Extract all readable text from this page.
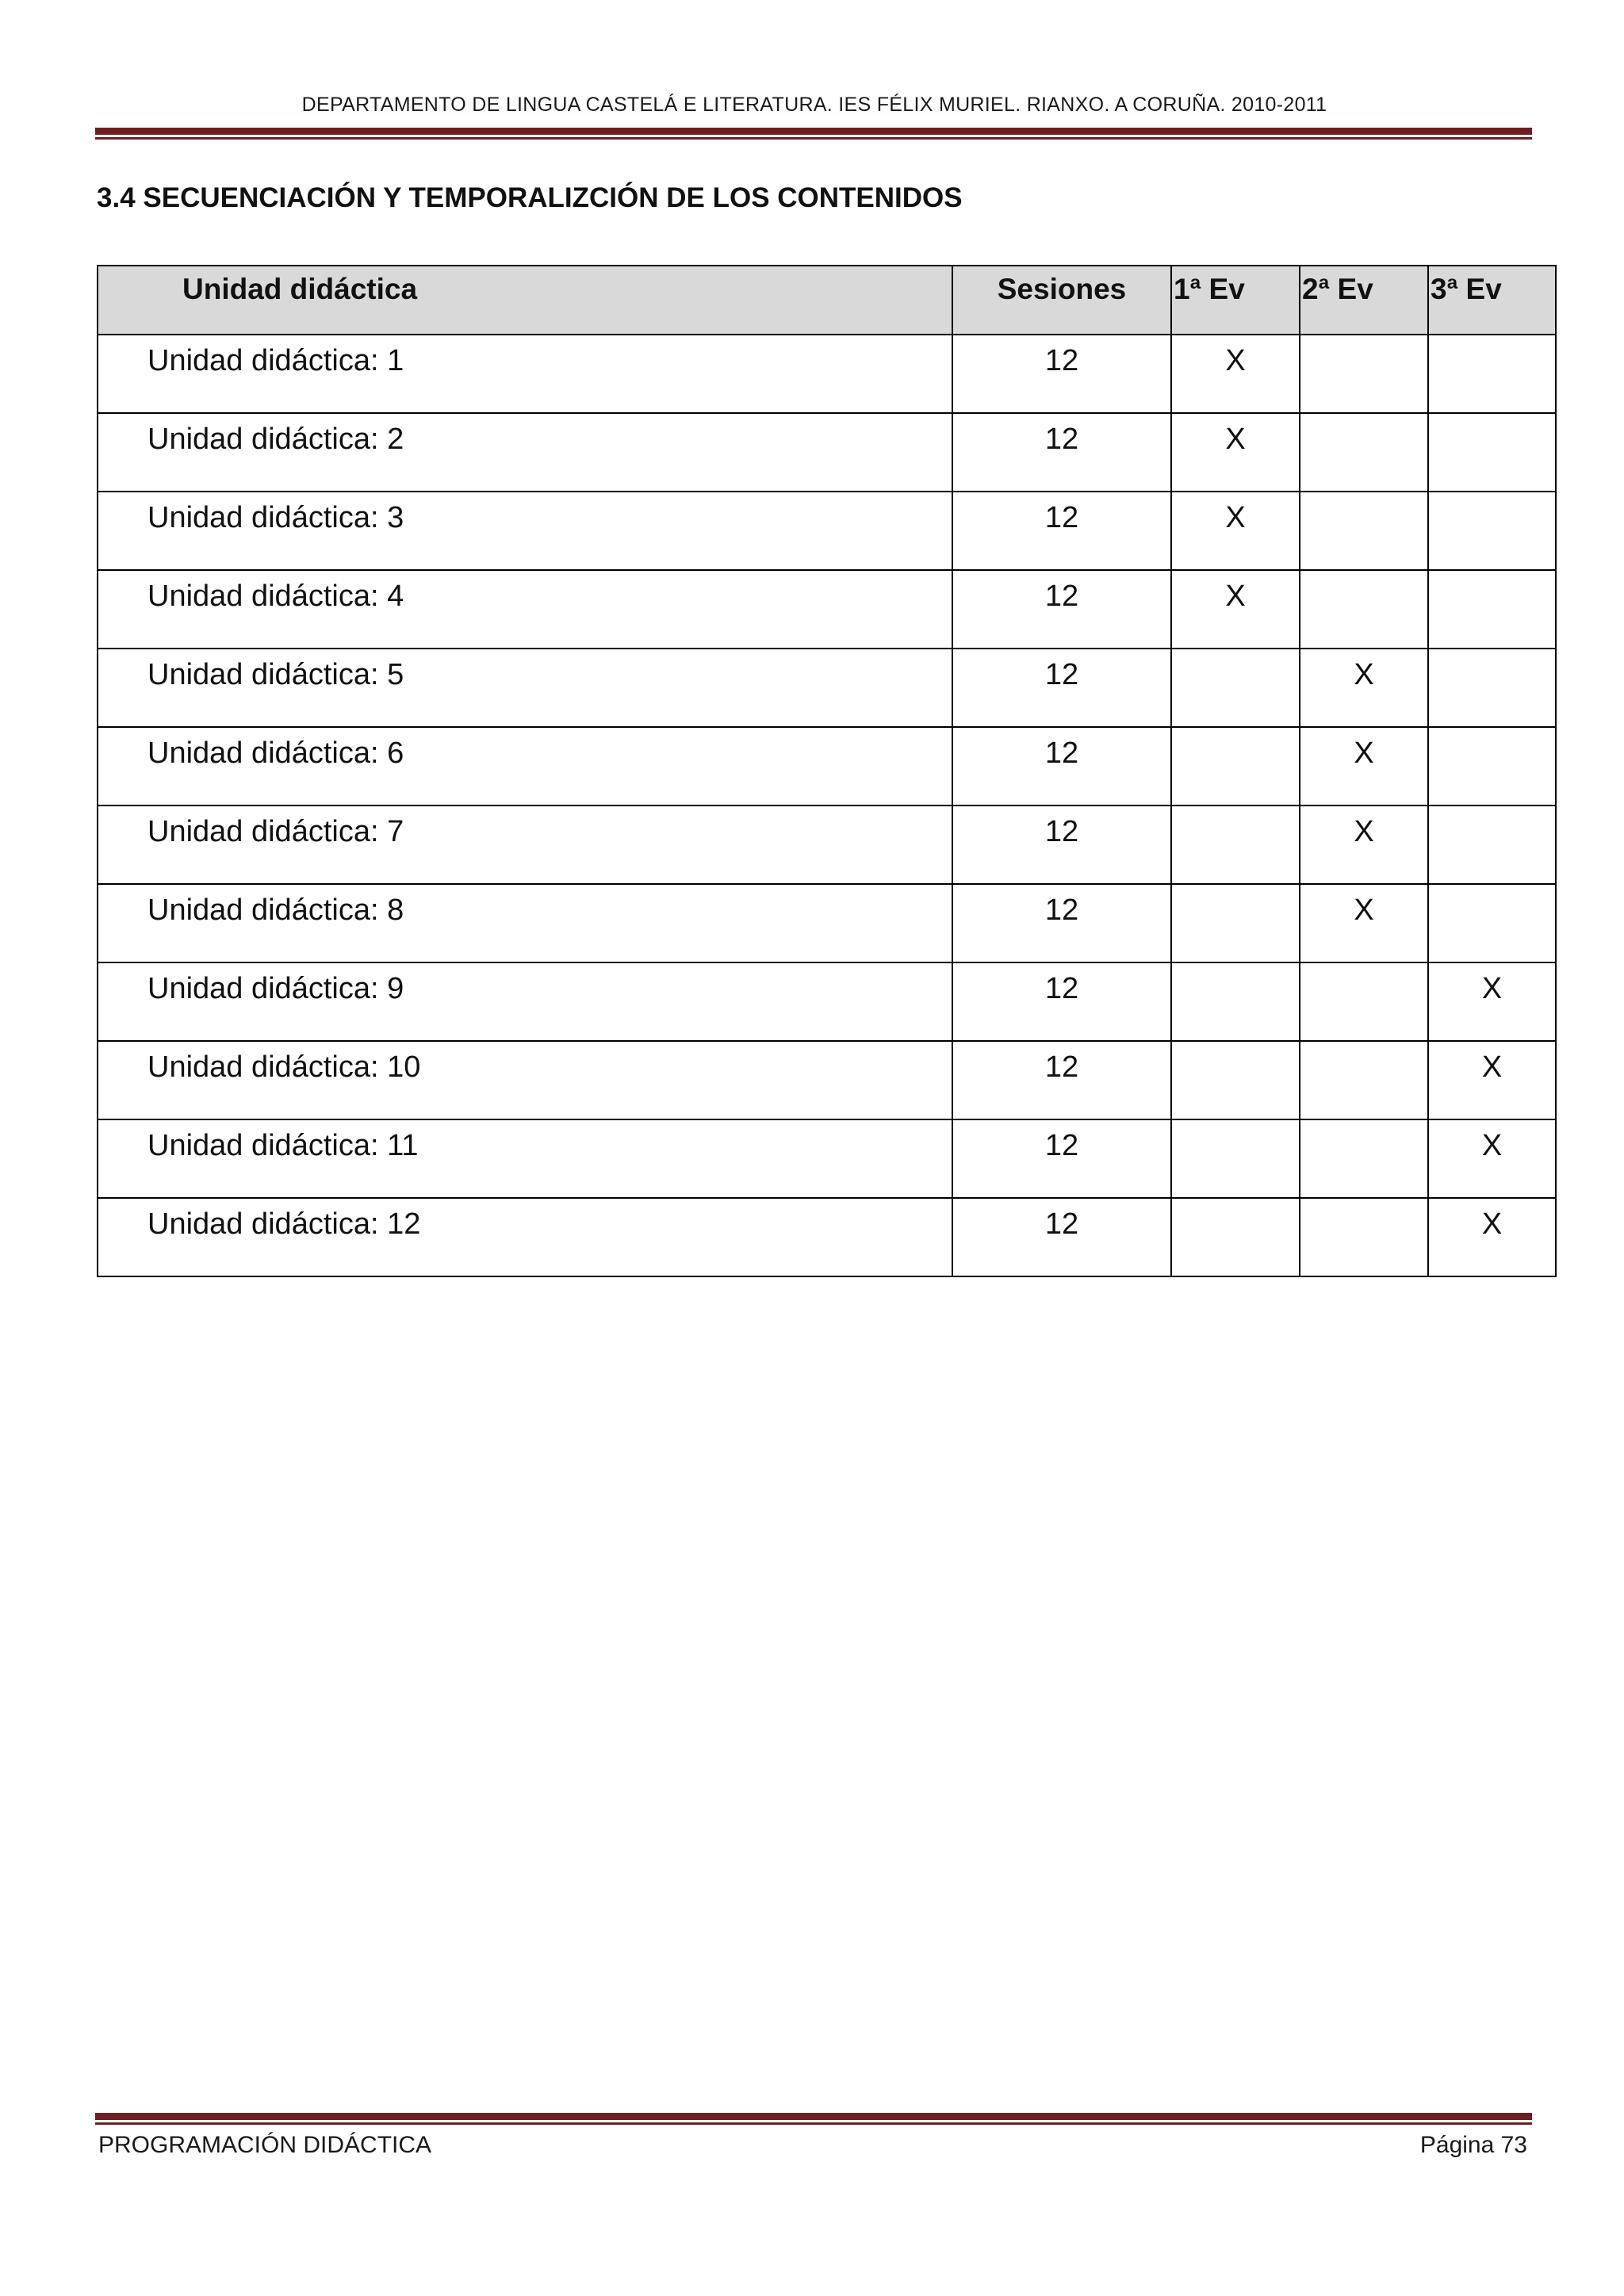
DEPARTAMENTO DE LINGUA CASTELÁ E LITERATURA. IES FÉLIX MURIEL. RIANXO. A CORUÑA. 2010-2011
3.4 SECUENCIACIÓN Y TEMPORALIZCIÓN DE LOS CONTENIDOS
Unidad didáctica	Sesiones	1ª Ev	2ª Ev	3ª Ev
Unidad didáctica: 1	12	X		
Unidad didáctica: 2	12	X		
Unidad didáctica: 3	12	X		
Unidad didáctica: 4	12	X		
Unidad didáctica: 5	12		X	
Unidad didáctica: 6	12		X	
Unidad didáctica: 7	12		X	
Unidad didáctica: 8	12		X	
Unidad didáctica: 9	12			X
Unidad didáctica: 10	12			X
Unidad didáctica: 11	12			X
Unidad didáctica: 12	12			X
PROGRAMACIÓN DIDÁCTICA	Página 73
